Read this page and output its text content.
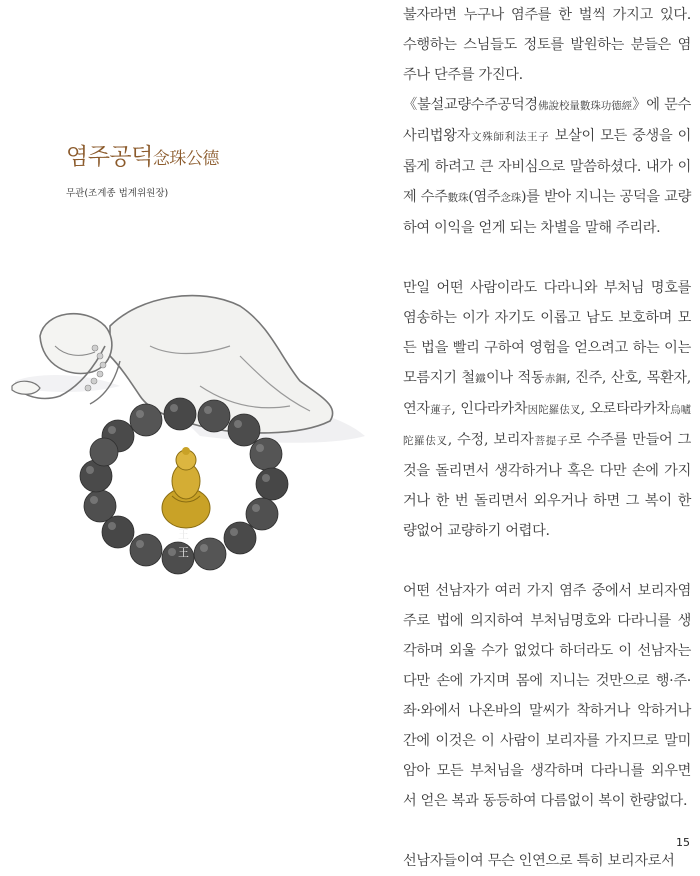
염주공덕念珠公德
무관(조계종 법계위원장)
王
王

불자라면 누구나 염주를 한 벌씩 가지고 있다. 수행하는 스님들도 정토를 발원하는 분들은 염주나 단주를 가진다.

《불설교량수주공덕경佛說校量數珠功德經》에 문수사리법왕자文殊師利法王子 보살이 모든 중생을 이롭게 하려고 큰 자비심으로 말씀하셨다. 내가 이제 수주數珠(염주念珠)를 받아 지니는 공덕을 교량하여 이익을 얻게 되는 차별을 말해 주리라.

만일 어떤 사람이라도 다라니와 부처님 명호를 염송하는 이가 자기도 이롭고 남도 보호하며 모든 법을 빨리 구하여 영험을 얻으려고 하는 이는 모름지기 철鐵이나 적동赤銅, 진주, 산호, 목환자, 연자蓮子, 인다라카차因陀羅佉叉, 오로타라카차烏嚧陀羅佉叉, 수정, 보리자菩提子로 수주를 만들어 그것을 돌리면서 생각하거나 혹은 다만 손에 가지거나 한 번 돌리면서 외우거나 하면 그 복이 한량없어 교량하기 어렵다.

어떤 선남자가 여러 가지 염주 중에서 보리자염주로 법에 의지하여 부처님명호와 다라니를 생각하며 외울 수가 없었다 하더라도 이 선남자는 다만 손에 가지며 몸에 지니는 것만으로 행·주·좌·와에서 나온바의 말씨가 착하거나 악하거나 간에 이것은 이 사람이 보리자를 가지므로 말미암아 모든 부처님을 생각하며 다라니를 외우면서 얻은 복과 동등하여 다름없이 복이 한량없다.

선남자들이여 무슨 인연으로 특히 보리자로서

15
